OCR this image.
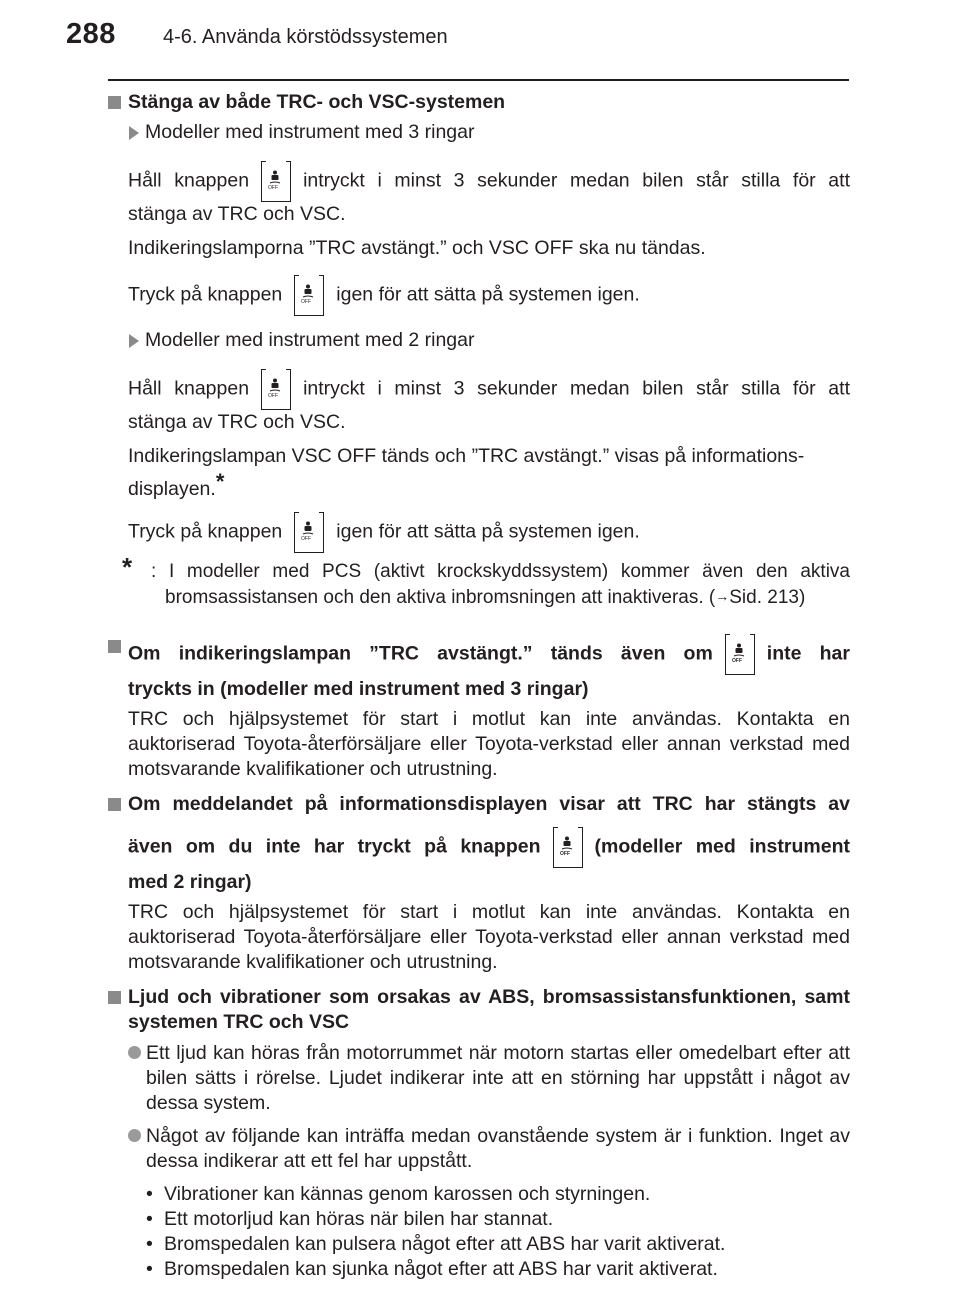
288 4-6. Använda körstödssystemen

Stänga av både TRC- och VSC-systemen

Modeller med instrument med 3 ringar

Håll knappen	OFF intryckt i minst 3 sekunder medan bilen står stilla för att

stänga av TRC och VSC.

Indikeringslamporna ”TRC avstängt.” och VSC OFF ska nu tändas.

Tryck på knappen	OFF igen för att sätta på systemen igen.

Modeller med instrument med 2 ringar

Håll knappen	OFF intryckt i minst 3 sekunder medan bilen står stilla för att

stänga av TRC och VSC.

Indikeringslampan VSC OFF tänds och ”TRC avstängt.” visas på informations-

displayen.*

Tryck på knappen	OFF igen för att sätta på systemen igen.

* : I modeller med PCS (aktivt krockskyddssystem) kommer även den aktiva
bromsassistansen och den aktiva inbromsningen att inaktiveras. (→Sid. 213)

Om indikeringslampan ”TRC avstängt.” tänds även om	OFF inte har

tryckts in (modeller med instrument med 3 ringar)

TRC och hjälpsystemet för start i motlut kan inte användas. Kontakta en auktoriserad Toyota-återförsäljare eller Toyota-verkstad eller annan verkstad med motsvarande kvalifikationer och utrustning.

Om meddelandet på informationsdisplayen visar att TRC har stängts av

även om du inte har tryckt på knappen	OFF (modeller med instrument

med 2 ringar)

TRC och hjälpsystemet för start i motlut kan inte användas. Kontakta en auktoriserad Toyota-återförsäljare eller Toyota-verkstad eller annan verkstad med motsvarande kvalifikationer och utrustning.

Ljud och vibrationer som orsakas av ABS, bromsassistansfunktionen, samt systemen TRC och VSC

Ett ljud kan höras från motorrummet när motorn startas eller omedelbart efter att bilen sätts i rörelse. Ljudet indikerar inte att en störning har uppstått i något av dessa system.

Något av följande kan inträffa medan ovanstående system är i funktion. Inget av dessa indikerar att ett fel har uppstått.

• Vibrationer kan kännas genom karossen och styrningen.
• Ett motorljud kan höras när bilen har stannat.
• Bromspedalen kan pulsera något efter att ABS har varit aktiverat.
• Bromspedalen kan sjunka något efter att ABS har varit aktiverat.
